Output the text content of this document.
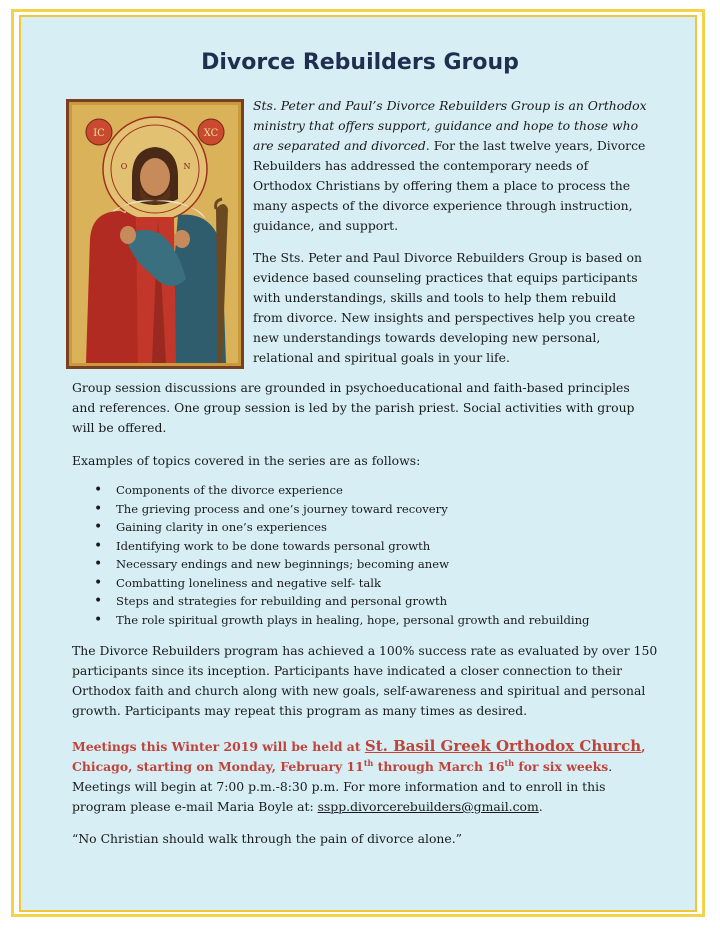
Divorce Rebuilders Group
IC	XC
O	N

Sts. Peter and Paul’s Divorce Rebuilders Group is an Orthodox ministry that offers support, guidance and hope to those who are separated and divorced. For the last twelve years, Divorce Rebuilders has addressed the contemporary needs of Orthodox Christians by offering them a place to process the many aspects of the divorce experience through instruction, guidance, and support.

The Sts. Peter and Paul Divorce Rebuilders Group is based on evidence based counseling practices that equips participants with understandings, skills and tools to help them rebuild from divorce. New insights and perspectives help you create new understandings towards developing new personal, relational and spiritual goals in your life.

Group session discussions are grounded in psychoeducational and faith-based principles and references. One group session is led by the parish priest. Social activities with group will be offered.

Examples of topics covered in the series are as follows:

• Components of the divorce experience
• The grieving process and one’s journey toward recovery
• Gaining clarity in one’s experiences
• Identifying work to be done towards personal growth
• Necessary endings and new beginnings; becoming anew
• Combatting loneliness and negative self- talk
• Steps and strategies for rebuilding and personal growth
• The role spiritual growth plays in healing, hope, personal growth and rebuilding

The Divorce Rebuilders program has achieved a 100% success rate as evaluated by over 150 participants since its inception. Participants have indicated a closer connection to their Orthodox faith and church along with new goals, self-awareness and spiritual and personal growth. Participants may repeat this program as many times as desired.

Meetings this Winter 2019 will be held at St. Basil Greek Orthodox Church,
Chicago, starting on Monday, February 11th through March 16th for six weeks. Meetings will begin at 7:00 p.m.-8:30 p.m. For more information and to enroll in this program please e-mail Maria Boyle at: sspp.divorcerebuilders@gmail.com.

“No Christian should walk through the pain of divorce alone.”
